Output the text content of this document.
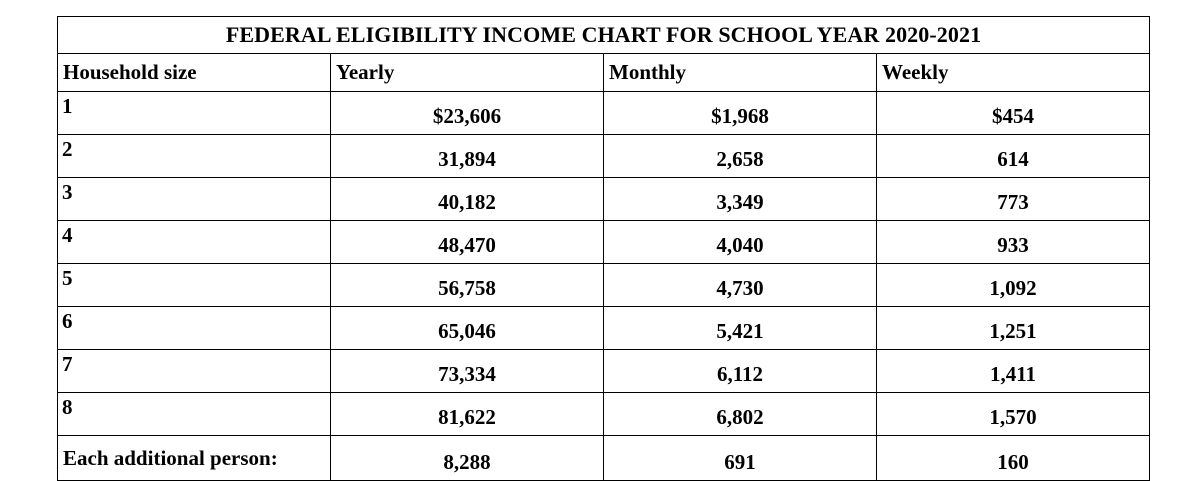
FEDERAL ELIGIBILITY INCOME CHART FOR SCHOOL YEAR 2020-2021			
Household size	Yearly	Monthly	Weekly
1	$23,606	$1,968	$454
2	31,894	2,658	614
3	40,182	3,349	773
4	48,470	4,040	933
5	56,758	4,730	1,092
6	65,046	5,421	1,251
7	73,334	6,112	1,411
8	81,622	6,802	1,570
Each additional person:	8,288	691	160
